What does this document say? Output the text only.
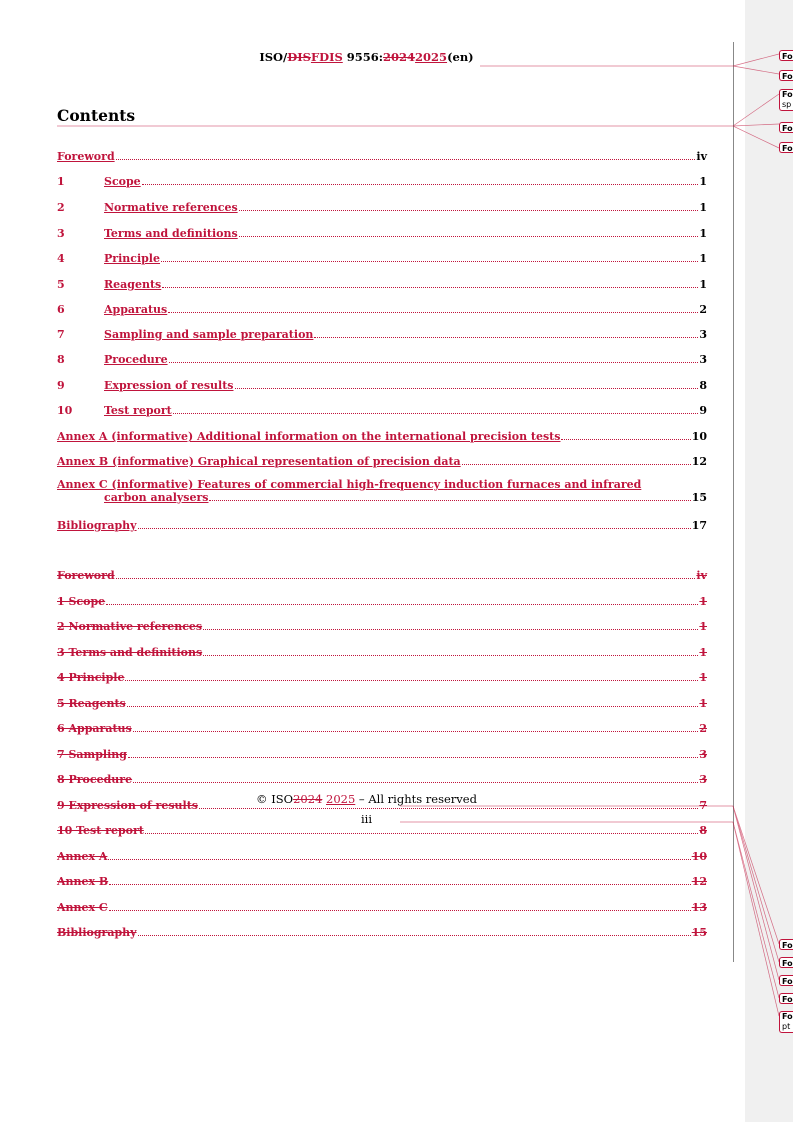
ISO/DISFDIS 9556:20242025(en)
Contents
Foreword	iv
1	Scope	1
2	Normative references	1
3	Terms and definitions	1
4	Principle	1
5	Reagents	1
6	Apparatus	2
7	Sampling and sample preparation	3
8	Procedure	3
9	Expression of results	8
10	Test report	9
Annex A (informative) Additional information on the international precision tests	10
Annex B (informative) Graphical representation of precision data	12
Annex C (informative) Features of commercial high-frequency induction furnaces and infrared
carbon analysers	15
Bibliography	17
Foreword	iv
1 Scope	1
2 Normative references	1
3 Terms and definitions	1
4 Principle	1
5 Reagents	1
6 Apparatus	2
7 Sampling	3
8 Procedure	3
9 Expression of results	7
10 Test report	8
Annex A	10
Annex B	12
Annex C	13
Bibliography	15
© ISO2024 2025 – All rights reserved
iii
Fo
Fo
Fo
sp
Fo
Fo
Fo
Fo
Fo
Fo
Fo
pt
